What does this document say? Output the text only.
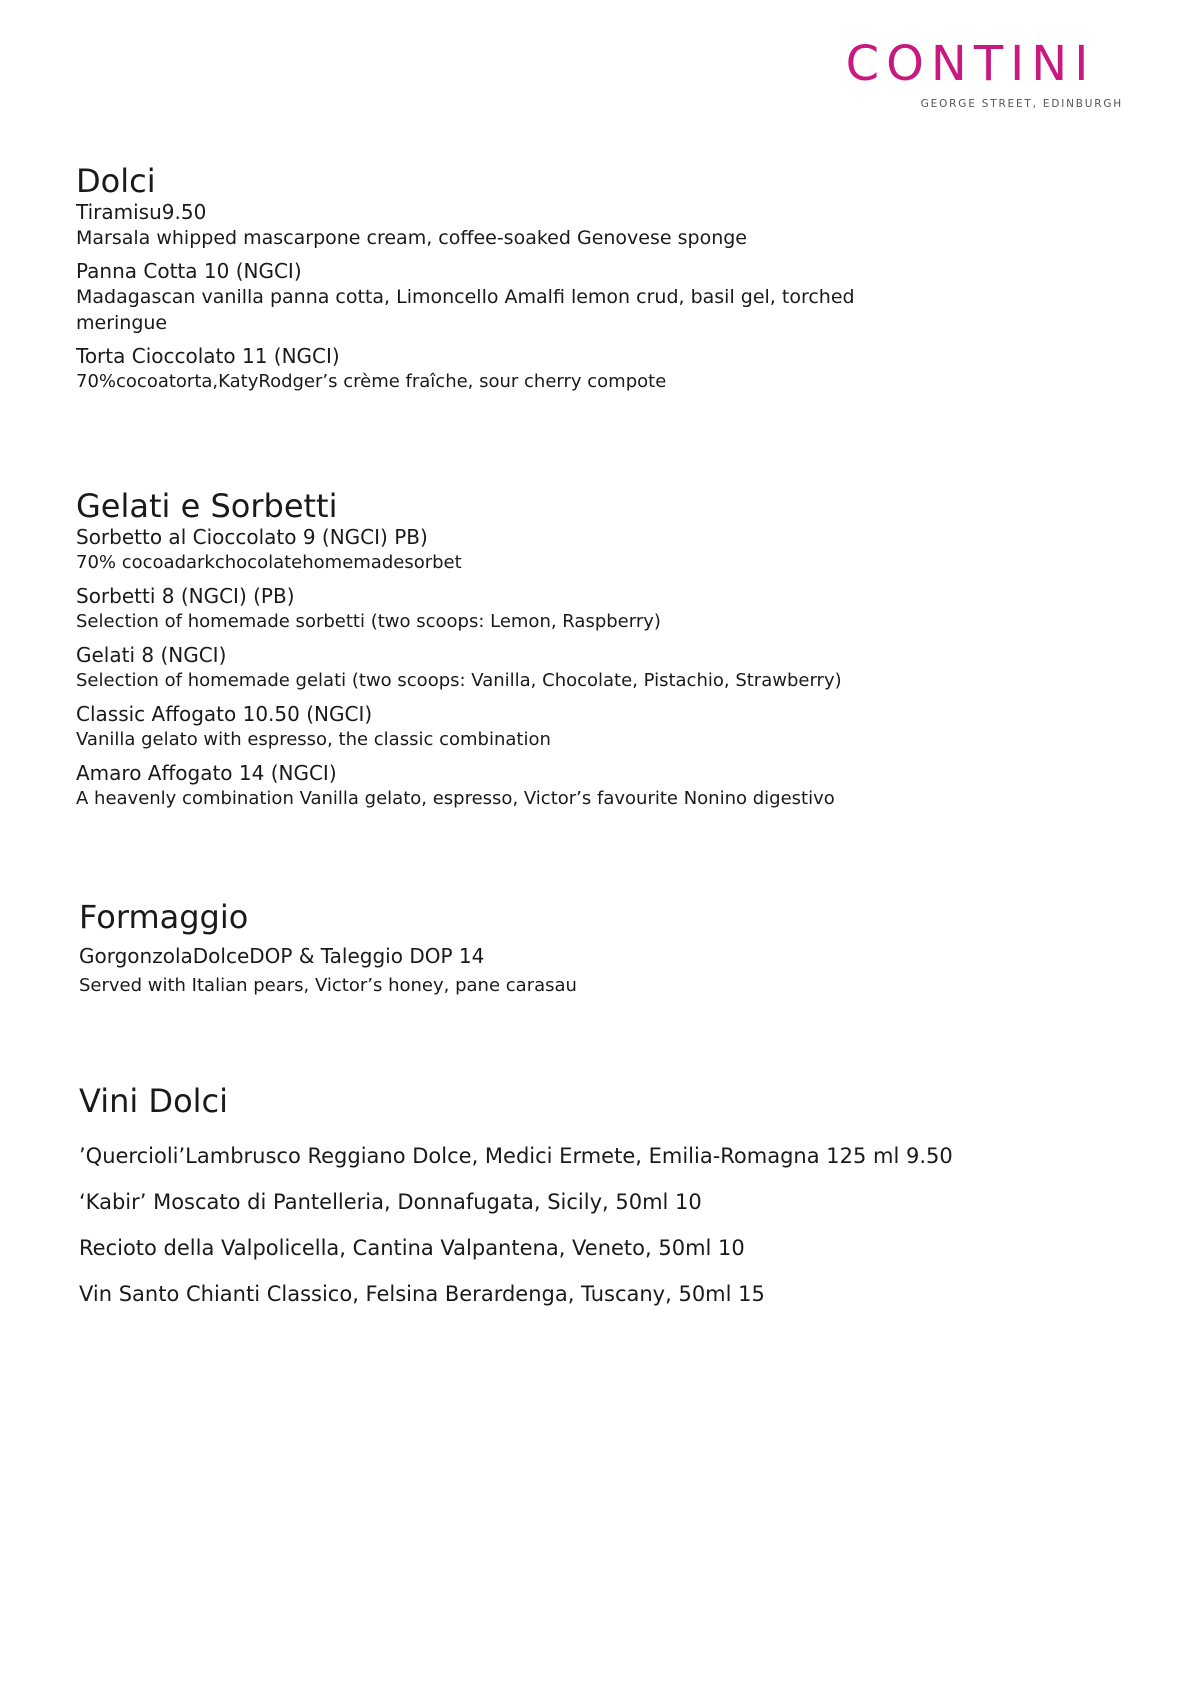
CONTINI
GEORGE STREET, EDINBURGH
Dolci
Tiramisu9.50
Marsala whipped mascarpone cream, coffee-soaked Genovese sponge
Panna Cotta 10 (NGCI)
Madagascan vanilla panna cotta, Limoncello Amalfi lemon crud, basil gel, torched meringue
Torta Cioccolato 11 (NGCI)
70%cocoatorta,KatyRodger’s crème fraîche, sour cherry compote
Gelati e Sorbetti
Sorbetto al Cioccolato 9 (NGCI) PB)
70% cocoadarkchocolatehomemadesorbet
Sorbetti 8 (NGCI) (PB)
Selection of homemade sorbetti (two scoops: Lemon, Raspberry)
Gelati 8 (NGCI)
Selection of homemade gelati (two scoops: Vanilla, Chocolate, Pistachio, Strawberry)
Classic Affogato 10.50 (NGCI)
Vanilla gelato with espresso, the classic combination
Amaro Affogato 14 (NGCI)
A heavenly combination Vanilla gelato, espresso, Victor’s favourite Nonino digestivo
Formaggio
GorgonzolaDolceDOP & Taleggio DOP 14
Served with Italian pears, Victor’s honey, pane carasau
Vini Dolci
’Quercioli’Lambrusco Reggiano Dolce, Medici Ermete, Emilia-Romagna 125 ml 9.50
‘Kabir’ Moscato di Pantelleria, Donnafugata, Sicily, 50ml 10
Recioto della Valpolicella, Cantina Valpantena, Veneto, 50ml 10
Vin Santo Chianti Classico, Felsina Berardenga, Tuscany, 50ml 15
